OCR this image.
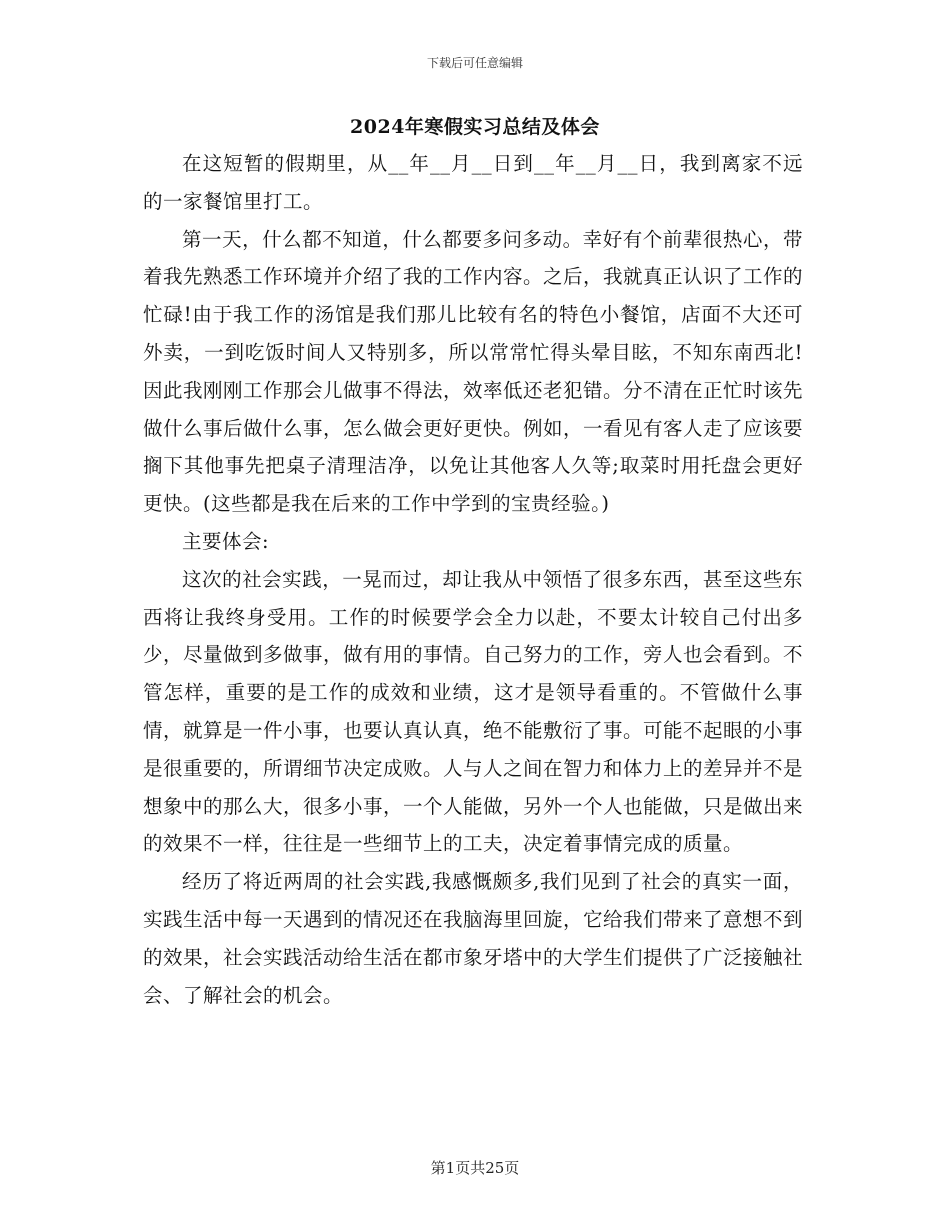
下载后可任意编辑
2024年寒假实习总结及体会

在这短暂的假期里，从__年__月__日到__年__月__日，我到离家不远的一家餐馆里打工。

第一天，什么都不知道，什么都要多问多动。幸好有个前辈很热心，带着我先熟悉工作环境并介绍了我的工作内容。之后，我就真正认识了工作的忙碌!由于我工作的汤馆是我们那儿比较有名的特色小餐馆，店面不大还可外卖，一到吃饭时间人又特别多，所以常常忙得头晕目眩，不知东南西北!因此我刚刚工作那会儿做事不得法，效率低还老犯错。分不清在正忙时该先做什么事后做什么事，怎么做会更好更快。例如，一看见有客人走了应该要搁下其他事先把桌子清理洁净，以免让其他客人久等;取菜时用托盘会更好更快。(这些都是我在后来的工作中学到的宝贵经验。)

主要体会:

这次的社会实践，一晃而过，却让我从中领悟了很多东西，甚至这些东西将让我终身受用。工作的时候要学会全力以赴，不要太计较自己付出多少，尽量做到多做事，做有用的事情。自己努力的工作，旁人也会看到。不管怎样，重要的是工作的成效和业绩，这才是领导看重的。不管做什么事情，就算是一件小事，也要认真认真，绝不能敷衍了事。可能不起眼的小事是很重要的，所谓细节决定成败。人与人之间在智力和体力上的差异并不是想象中的那么大，很多小事，一个人能做，另外一个人也能做，只是做出来的效果不一样，往往是一些细节上的工夫，决定着事情完成的质量。

经历了将近两周的社会实践,我感慨颇多,我们见到了社会的真实一面，实践生活中每一天遇到的情况还在我脑海里回旋，它给我们带来了意想不到的效果，社会实践活动给生活在都市象牙塔中的大学生们提供了广泛接触社会、了解社会的机会。

第1页共25页
